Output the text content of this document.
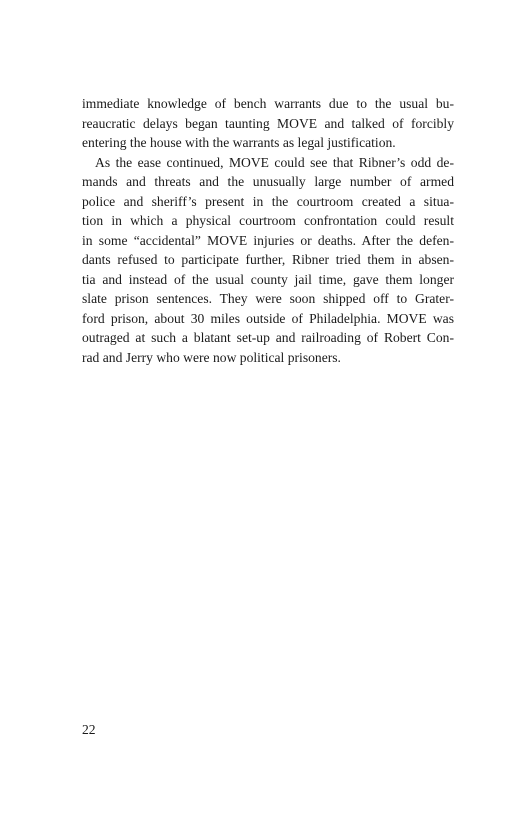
immediate knowledge of bench warrants due to the usual bu-
reaucratic delays began taunting MOVE and talked of forcibly
entering the house with the warrants as legal justification.
As the ease continued, MOVE could see that Ribner’s odd de-
mands and threats and the unusually large number of armed
police and sheriff’s present in the courtroom created a situa-
tion in which a physical courtroom confrontation could result
in some “accidental” MOVE injuries or deaths. After the defen-
dants refused to participate further, Ribner tried them in absen-
tia and instead of the usual county jail time, gave them longer
slate prison sentences. They were soon shipped off to Grater-
ford prison, about 30 miles outside of Philadelphia. MOVE was
outraged at such a blatant set-up and railroading of Robert Con-
rad and Jerry who were now political prisoners.
22
